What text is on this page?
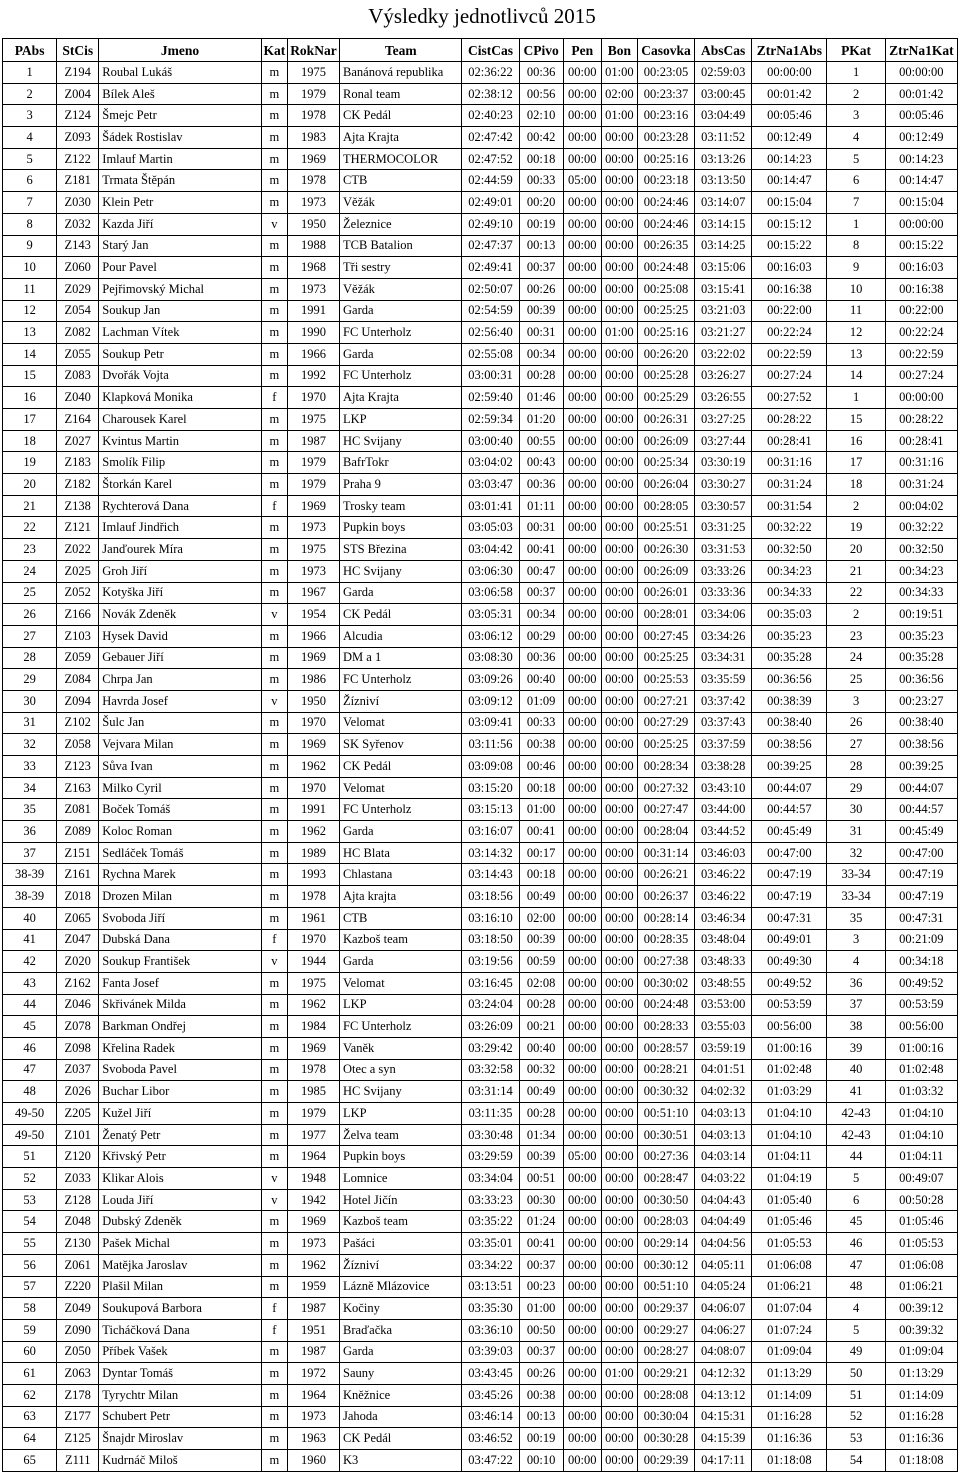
Výsledky jednotlivců 2015
PAbs	StCis	Jmeno	Kat	RokNar	Team	CistCas	CPivo	Pen	Bon	Casovka	AbsCas	ZtrNa1Abs	PKat	ZtrNa1Kat
1	Z194	Roubal Lukáš	m	1975	Banánová republika	02:36:22	00:36	00:00	01:00	00:23:05	02:59:03	00:00:00	1	00:00:00
2	Z004	Bílek Aleš	m	1979	Ronal team	02:38:12	00:56	00:00	02:00	00:23:37	03:00:45	00:01:42	2	00:01:42
3	Z124	Šmejc Petr	m	1978	CK Pedál	02:40:23	02:10	00:00	01:00	00:23:16	03:04:49	00:05:46	3	00:05:46
4	Z093	Šádek Rostislav	m	1983	Ajta Krajta	02:47:42	00:42	00:00	00:00	00:23:28	03:11:52	00:12:49	4	00:12:49
5	Z122	Imlauf Martin	m	1969	THERMOCOLOR	02:47:52	00:18	00:00	00:00	00:25:16	03:13:26	00:14:23	5	00:14:23
6	Z181	Trmata Štěpán	m	1978	CTB	02:44:59	00:33	05:00	00:00	00:23:18	03:13:50	00:14:47	6	00:14:47
7	Z030	Klein Petr	m	1973	Věžák	02:49:01	00:20	00:00	00:00	00:24:46	03:14:07	00:15:04	7	00:15:04
8	Z032	Kazda Jiří	v	1950	Železnice	02:49:10	00:19	00:00	00:00	00:24:46	03:14:15	00:15:12	1	00:00:00
9	Z143	Starý Jan	m	1988	TCB Batalion	02:47:37	00:13	00:00	00:00	00:26:35	03:14:25	00:15:22	8	00:15:22
10	Z060	Pour Pavel	m	1968	Tři sestry	02:49:41	00:37	00:00	00:00	00:24:48	03:15:06	00:16:03	9	00:16:03
11	Z029	Pejřimovský Michal	m	1973	Věžák	02:50:07	00:26	00:00	00:00	00:25:08	03:15:41	00:16:38	10	00:16:38
12	Z054	Soukup Jan	m	1991	Garda	02:54:59	00:39	00:00	00:00	00:25:25	03:21:03	00:22:00	11	00:22:00
13	Z082	Lachman Vítek	m	1990	FC Unterholz	02:56:40	00:31	00:00	01:00	00:25:16	03:21:27	00:22:24	12	00:22:24
14	Z055	Soukup Petr	m	1966	Garda	02:55:08	00:34	00:00	00:00	00:26:20	03:22:02	00:22:59	13	00:22:59
15	Z083	Dvořák Vojta	m	1992	FC Unterholz	03:00:31	00:28	00:00	00:00	00:25:28	03:26:27	00:27:24	14	00:27:24
16	Z040	Klapková Monika	f	1970	Ajta Krajta	02:59:40	01:46	00:00	00:00	00:25:29	03:26:55	00:27:52	1	00:00:00
17	Z164	Charousek Karel	m	1975	LKP	02:59:34	01:20	00:00	00:00	00:26:31	03:27:25	00:28:22	15	00:28:22
18	Z027	Kvintus Martin	m	1987	HC Svijany	03:00:40	00:55	00:00	00:00	00:26:09	03:27:44	00:28:41	16	00:28:41
19	Z183	Smolík Filip	m	1979	BafrTokr	03:04:02	00:43	00:00	00:00	00:25:34	03:30:19	00:31:16	17	00:31:16
20	Z182	Štorkán Karel	m	1979	Praha 9	03:03:47	00:36	00:00	00:00	00:26:04	03:30:27	00:31:24	18	00:31:24
21	Z138	Rychterová Dana	f	1969	Trosky team	03:01:41	01:11	00:00	00:00	00:28:05	03:30:57	00:31:54	2	00:04:02
22	Z121	Imlauf Jindřich	m	1973	Pupkin boys	03:05:03	00:31	00:00	00:00	00:25:51	03:31:25	00:32:22	19	00:32:22
23	Z022	Janďourek Míra	m	1975	STS Březina	03:04:42	00:41	00:00	00:00	00:26:30	03:31:53	00:32:50	20	00:32:50
24	Z025	Groh Jiří	m	1973	HC Svijany	03:06:30	00:47	00:00	00:00	00:26:09	03:33:26	00:34:23	21	00:34:23
25	Z052	Kotyška Jiří	m	1967	Garda	03:06:58	00:37	00:00	00:00	00:26:01	03:33:36	00:34:33	22	00:34:33
26	Z166	Novák Zdeněk	v	1954	CK Pedál	03:05:31	00:34	00:00	00:00	00:28:01	03:34:06	00:35:03	2	00:19:51
27	Z103	Hysek David	m	1966	Alcudia	03:06:12	00:29	00:00	00:00	00:27:45	03:34:26	00:35:23	23	00:35:23
28	Z059	Gebauer Jiří	m	1969	DM a 1	03:08:30	00:36	00:00	00:00	00:25:25	03:34:31	00:35:28	24	00:35:28
29	Z084	Chrpa Jan	m	1986	FC Unterholz	03:09:26	00:40	00:00	00:00	00:25:53	03:35:59	00:36:56	25	00:36:56
30	Z094	Havrda Josef	v	1950	Žízniví	03:09:12	01:09	00:00	00:00	00:27:21	03:37:42	00:38:39	3	00:23:27
31	Z102	Šulc Jan	m	1970	Velomat	03:09:41	00:33	00:00	00:00	00:27:29	03:37:43	00:38:40	26	00:38:40
32	Z058	Vejvara Milan	m	1969	SK Syřenov	03:11:56	00:38	00:00	00:00	00:25:25	03:37:59	00:38:56	27	00:38:56
33	Z123	Sůva Ivan	m	1962	CK Pedál	03:09:08	00:46	00:00	00:00	00:28:34	03:38:28	00:39:25	28	00:39:25
34	Z163	Milko Cyril	m	1970	Velomat	03:15:20	00:18	00:00	00:00	00:27:32	03:43:10	00:44:07	29	00:44:07
35	Z081	Boček Tomáš	m	1991	FC Unterholz	03:15:13	01:00	00:00	00:00	00:27:47	03:44:00	00:44:57	30	00:44:57
36	Z089	Koloc Roman	m	1962	Garda	03:16:07	00:41	00:00	00:00	00:28:04	03:44:52	00:45:49	31	00:45:49
37	Z151	Sedláček Tomáš	m	1989	HC Blata	03:14:32	00:17	00:00	00:00	00:31:14	03:46:03	00:47:00	32	00:47:00
38-39	Z161	Rychna Marek	m	1993	Chlastana	03:14:43	00:18	00:00	00:00	00:26:21	03:46:22	00:47:19	33-34	00:47:19
38-39	Z018	Drozen Milan	m	1978	Ajta krajta	03:18:56	00:49	00:00	00:00	00:26:37	03:46:22	00:47:19	33-34	00:47:19
40	Z065	Svoboda Jiří	m	1961	CTB	03:16:10	02:00	00:00	00:00	00:28:14	03:46:34	00:47:31	35	00:47:31
41	Z047	Dubská Dana	f	1970	Kazboš team	03:18:50	00:39	00:00	00:00	00:28:35	03:48:04	00:49:01	3	00:21:09
42	Z020	Soukup František	v	1944	Garda	03:19:56	00:59	00:00	00:00	00:27:38	03:48:33	00:49:30	4	00:34:18
43	Z162	Fanta Josef	m	1975	Velomat	03:16:45	02:08	00:00	00:00	00:30:02	03:48:55	00:49:52	36	00:49:52
44	Z046	Skřivánek Milda	m	1962	LKP	03:24:04	00:28	00:00	00:00	00:24:48	03:53:00	00:53:59	37	00:53:59
45	Z078	Barkman Ondřej	m	1984	FC Unterholz	03:26:09	00:21	00:00	00:00	00:28:33	03:55:03	00:56:00	38	00:56:00
46	Z098	Křelina Radek	m	1969	Vaněk	03:29:42	00:40	00:00	00:00	00:28:57	03:59:19	01:00:16	39	01:00:16
47	Z037	Svoboda Pavel	m	1978	Otec a syn	03:32:58	00:32	00:00	00:00	00:28:21	04:01:51	01:02:48	40	01:02:48
48	Z026	Buchar Libor	m	1985	HC Svijany	03:31:14	00:49	00:00	00:00	00:30:32	04:02:32	01:03:29	41	01:03:32
49-50	Z205	Kužel Jiří	m	1979	LKP	03:11:35	00:28	00:00	00:00	00:51:10	04:03:13	01:04:10	42-43	01:04:10
49-50	Z101	Ženatý Petr	m	1977	Želva team	03:30:48	01:34	00:00	00:00	00:30:51	04:03:13	01:04:10	42-43	01:04:10
51	Z120	Křivský Petr	m	1964	Pupkin boys	03:29:59	00:39	05:00	00:00	00:27:36	04:03:14	01:04:11	44	01:04:11
52	Z033	Klikar Alois	v	1948	Lomnice	03:34:04	00:51	00:00	00:00	00:28:47	04:03:22	01:04:19	5	00:49:07
53	Z128	Louda Jiří	v	1942	Hotel Jičín	03:33:23	00:30	00:00	00:00	00:30:50	04:04:43	01:05:40	6	00:50:28
54	Z048	Dubský Zdeněk	m	1969	Kazboš team	03:35:22	01:24	00:00	00:00	00:28:03	04:04:49	01:05:46	45	01:05:46
55	Z130	Pašek Michal	m	1973	Pašáci	03:35:01	00:41	00:00	00:00	00:29:14	04:04:56	01:05:53	46	01:05:53
56	Z061	Matějka Jaroslav	m	1962	Žízniví	03:34:22	00:37	00:00	00:00	00:30:12	04:05:11	01:06:08	47	01:06:08
57	Z220	Plašil Milan	m	1959	Lázně Mlázovice	03:13:51	00:23	00:00	00:00	00:51:10	04:05:24	01:06:21	48	01:06:21
58	Z049	Soukupová Barbora	f	1987	Kočiny	03:35:30	01:00	00:00	00:00	00:29:37	04:06:07	01:07:04	4	00:39:12
59	Z090	Ticháčková Dana	f	1951	Braďačka	03:36:10	00:50	00:00	00:00	00:29:27	04:06:27	01:07:24	5	00:39:32
60	Z050	Příbek Vašek	m	1987	Garda	03:39:03	00:37	00:00	00:00	00:28:27	04:08:07	01:09:04	49	01:09:04
61	Z063	Dyntar Tomáš	m	1972	Sauny	03:43:45	00:26	00:00	01:00	00:29:21	04:12:32	01:13:29	50	01:13:29
62	Z178	Tyrychtr Milan	m	1964	Kněžnice	03:45:26	00:38	00:00	00:00	00:28:08	04:13:12	01:14:09	51	01:14:09
63	Z177	Schubert Petr	m	1973	Jahoda	03:46:14	00:13	00:00	00:00	00:30:04	04:15:31	01:16:28	52	01:16:28
64	Z125	Šnajdr Miroslav	m	1963	CK Pedál	03:46:52	00:19	00:00	00:00	00:30:28	04:15:39	01:16:36	53	01:16:36
65	Z111	Kudrnáč Miloš	m	1960	K3	03:47:22	00:10	00:00	00:00	00:29:39	04:17:11	01:18:08	54	01:18:08
